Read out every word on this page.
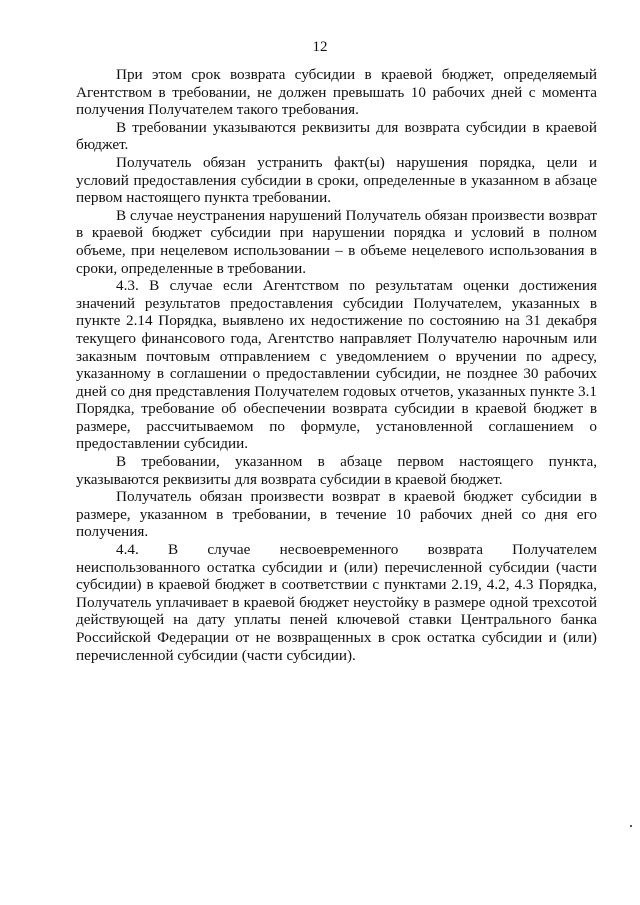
12

При этом срок возврата субсидии в краевой бюджет, определяемый Агентством в требовании, не должен превышать 10 рабочих дней с момента получения Получателем такого требования.

В требовании указываются реквизиты для возврата субсидии в краевой бюджет.

Получатель обязан устранить факт(ы) нарушения порядка, цели и условий предоставления субсидии в сроки, определенные в указанном в абзаце первом настоящего пункта требовании.

В случае неустранения нарушений Получатель обязан произвести возврат в краевой бюджет субсидии при нарушении порядка и условий в полном объеме, при нецелевом использовании – в объеме нецелевого использования в сроки, определенные в требовании.

4.3. В случае если Агентством по результатам оценки достижения значений результатов предоставления субсидии Получателем, указанных в пункте 2.14 Порядка, выявлено их недостижение по состоянию на 31 декабря текущего финансового года, Агентство направляет Получателю нарочным или заказным почтовым отправлением с уведомлением о вручении по адресу, указанному в соглашении о предоставлении субсидии, не позднее 30 рабочих дней со дня представления Получателем годовых отчетов, указанных пункте 3.1 Порядка, требование об обеспечении возврата субсидии в краевой бюджет в размере, рассчитываемом по формуле, установленной соглашением о предоставлении субсидии.

В требовании, указанном в абзаце первом настоящего пункта, указываются реквизиты для возврата субсидии в краевой бюджет.

Получатель обязан произвести возврат в краевой бюджет субсидии в размере, указанном в требовании, в течение 10 рабочих дней со дня его получения.

4.4. В случае несвоевременного возврата Получателем неиспользованного остатка субсидии и (или) перечисленной субсидии (части субсидии) в краевой бюджет в соответствии с пунктами 2.19, 4.2, 4.3 Порядка, Получатель уплачивает в краевой бюджет неустойку в размере одной трехсотой действующей на дату уплаты пеней ключевой ставки Центрального банка Российской Федерации от не возвращенных в срок остатка субсидии и (или) перечисленной субсидии (части субсидии).
